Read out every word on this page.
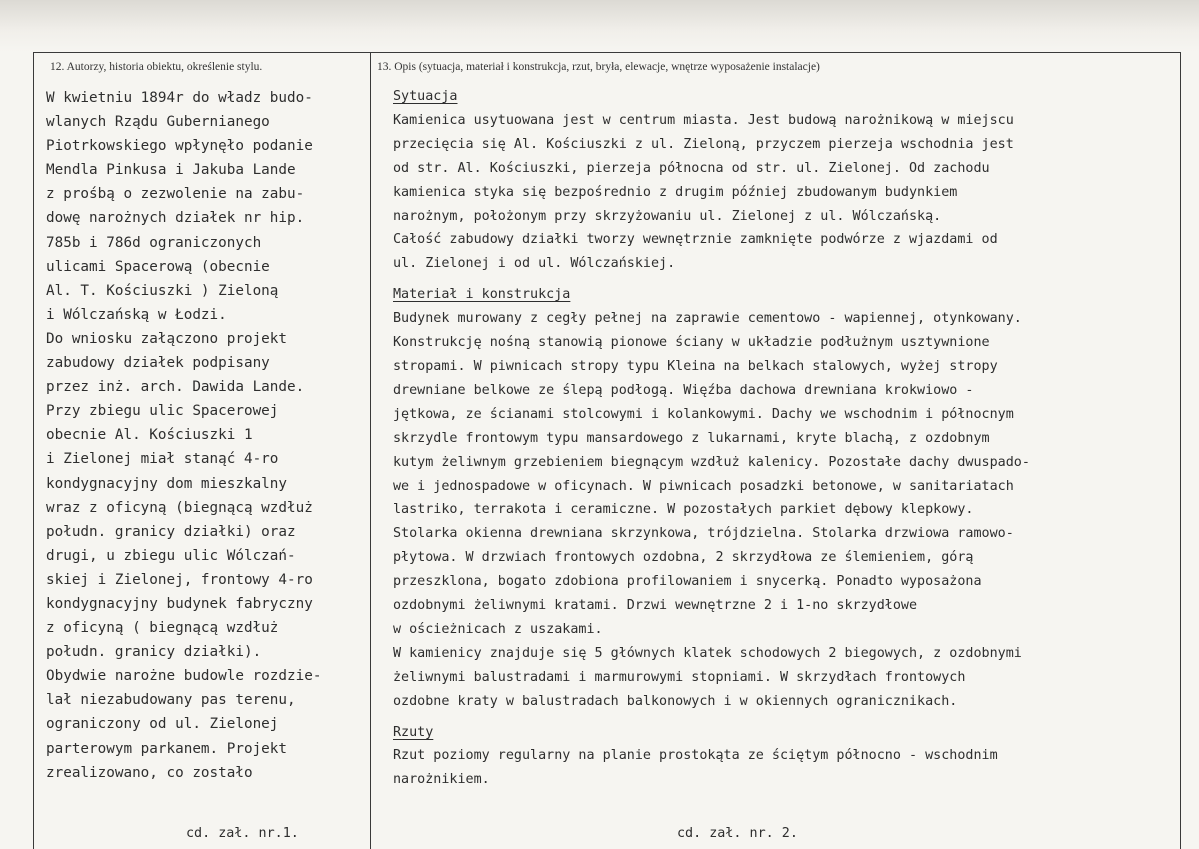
12. Autorzy, historia obiektu, określenie stylu.	13. Opis (sytuacja, materiał i konstrukcja, rzut, bryła, elewacje, wnętrze wyposażenie instalacje)

W kwietniu 1894r do władz budo-

wlanych Rządu Gubernianego

Piotrkowskiego wpłynęło podanie

Mendla Pinkusa i Jakuba Lande

z prośbą o zezwolenie na zabu-

dowę narożnych działek nr hip.

785b i 786d ograniczonych

ulicami Spacerową (obecnie

Al. T. Kościuszki ) Zieloną

i Wólczańską w Łodzi.

Do wniosku załączono projekt

zabudowy działek podpisany

przez inż. arch. Dawida Lande.

Przy zbiegu ulic Spacerowej

obecnie Al. Kościuszki 1

i Zielonej miał stanąć 4-ro

kondygnacyjny dom mieszkalny

wraz z oficyną (biegnącą wzdłuż

połudn. granicy działki) oraz

drugi, u zbiegu ulic Wólczań-

skiej i Zielonej, frontowy 4-ro

kondygnacyjny budynek fabryczny

z oficyną ( biegnącą wzdłuż

połudn. granicy działki).

Obydwie narożne budowle rozdzie-

lał niezabudowany pas terenu,

ograniczony od ul. Zielonej

parterowym parkanem. Projekt

zrealizowano, co zostało

Sytuacja

Kamienica usytuowana jest w centrum miasta. Jest budową narożnikową w miejscu

przecięcia się Al. Kościuszki z ul. Zieloną, przyczem pierzeja wschodnia jest

od str. Al. Kościuszki, pierzeja północna od str. ul. Zielonej. Od zachodu

kamienica styka się bezpośrednio z drugim później zbudowanym budynkiem

narożnym, położonym przy skrzyżowaniu ul. Zielonej z ul. Wólczańską.

Całość zabudowy działki tworzy wewnętrznie zamknięte podwórze z wjazdami od

ul. Zielonej i od ul. Wólczańskiej.

Materiał i konstrukcja

Budynek murowany z cegły pełnej na zaprawie cementowo - wapiennej, otynkowany.

Konstrukcję nośną stanowią pionowe ściany w układzie podłużnym usztywnione

stropami. W piwnicach stropy typu Kleina na belkach stalowych, wyżej stropy

drewniane belkowe ze ślepą podłogą. Więźba dachowa drewniana krokwiowo -

jętkowa, ze ścianami stolcowymi i kolankowymi. Dachy we wschodnim i północnym

skrzydle frontowym typu mansardowego z lukarnami, kryte blachą, z ozdobnym

kutym żeliwnym grzebieniem biegnącym wzdłuż kalenicy. Pozostałe dachy dwuspado-

we i jednospadowe w oficynach. W piwnicach posadzki betonowe, w sanitariatach

lastriko, terrakota i ceramiczne. W pozostałych parkiet dębowy klepkowy.

Stolarka okienna drewniana skrzynkowa, trójdzielna. Stolarka drzwiowa ramowo-

płytowa. W drzwiach frontowych ozdobna, 2 skrzydłowa ze ślemieniem, górą

przeszklona, bogato zdobiona profilowaniem i snycerką. Ponadto wyposażona

ozdobnymi żeliwnymi kratami. Drzwi wewnętrzne 2 i 1-no skrzydłowe

w ościeżnicach z uszakami.

W kamienicy znajduje się 5 głównych klatek schodowych 2 biegowych, z ozdobnymi

żeliwnymi balustradami i marmurowymi stopniami. W skrzydłach frontowych

ozdobne kraty w balustradach balkonowych i w okiennych ogranicznikach.

Rzuty

Rzut poziomy regularny na planie prostokąta ze ściętym północno - wschodnim

narożnikiem.

cd. zał. nr.1.	cd. zał. nr. 2.
